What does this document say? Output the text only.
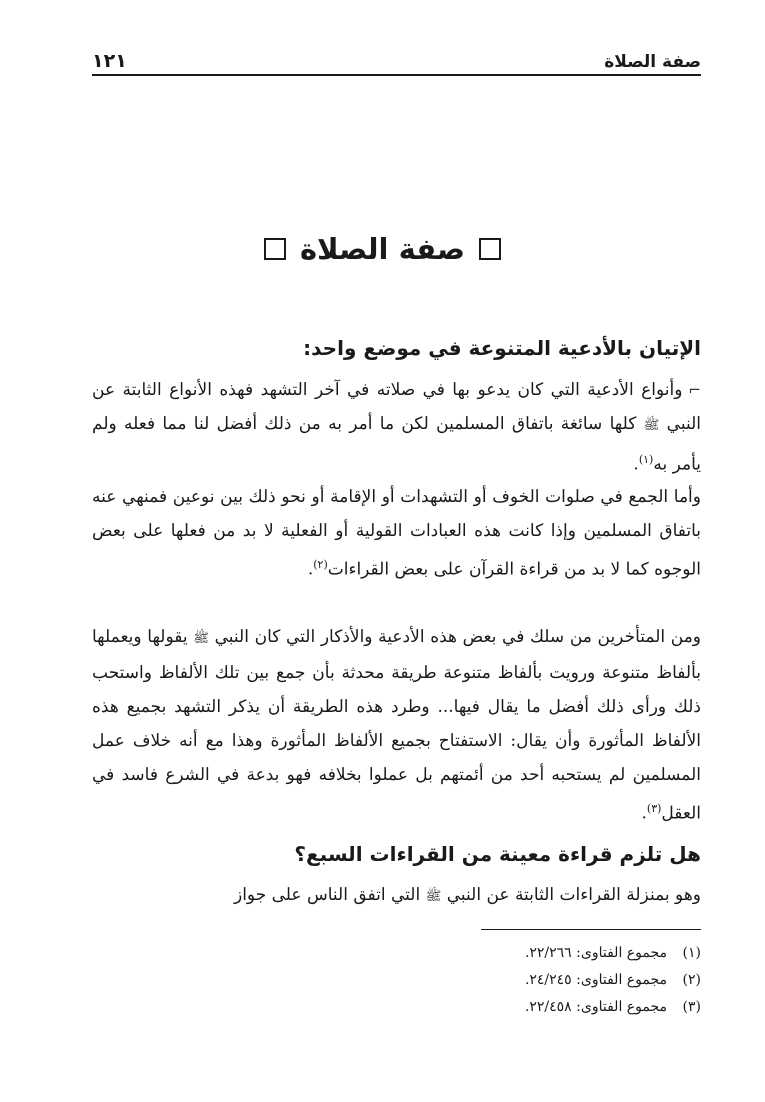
صفة الصلاة
١٢١
صفة الصلاة
الإتيان بالأدعية المتنوعة في موضع واحد:

⌐وأنواع الأدعية التي كان يدعو بها في صلاته في آخر التشهد فهذه الأنواع الثابتة عن النبي ﷺ كلها سائغة باتفاق المسلمين لكن ما أمر به من ذلك أفضل لنا مما فعله ولم يأمر به$^{(١)}$.

وأما الجمع في صلوات الخوف أو التشهدات أو الإقامة أو نحو ذلك بين نوعين فمنهي عنه باتفاق المسلمين وإذا كانت هذه العبادات القولية أو الفعلية لا بد من فعلها على بعض الوجوه كما لا بد من قراءة القرآن على بعض القراءات$^{(٢)}$.

ومن المتأخرين من سلك في بعض هذه الأدعية والأذكار التي كان النبي ﷺ يقولها ويعملها بألفاظ متنوعة ورويت بألفاظ متنوعة طريقة محدثة بأن جمع بين تلك الألفاظ واستحب ذلك ورأى ذلك أفضل ما يقال فيها... وطرد هذه الطريقة أن يذكر التشهد بجميع هذه الألفاظ المأثورة وأن يقال: الاستفتاح بجميع الألفاظ المأثورة وهذا مع أنه خلاف عمل المسلمين لم يستحبه أحد من أئمتهم بل عملوا بخلافه فهو بدعة في الشرع فاسد في العقل$^{(٣)}$.

هل تلزم قراءة معينة من القراءات السبع؟

وهو بمنزلة القراءات الثابتة عن النبي ﷺ التي اتفق الناس على جواز

(١)
مجموع الفتاوى: ٢٢/٢٦٦.
(٢)
مجموع الفتاوى: ٢٤/٢٤٥.
(٣)
مجموع الفتاوى: ٢٢/٤٥٨.
